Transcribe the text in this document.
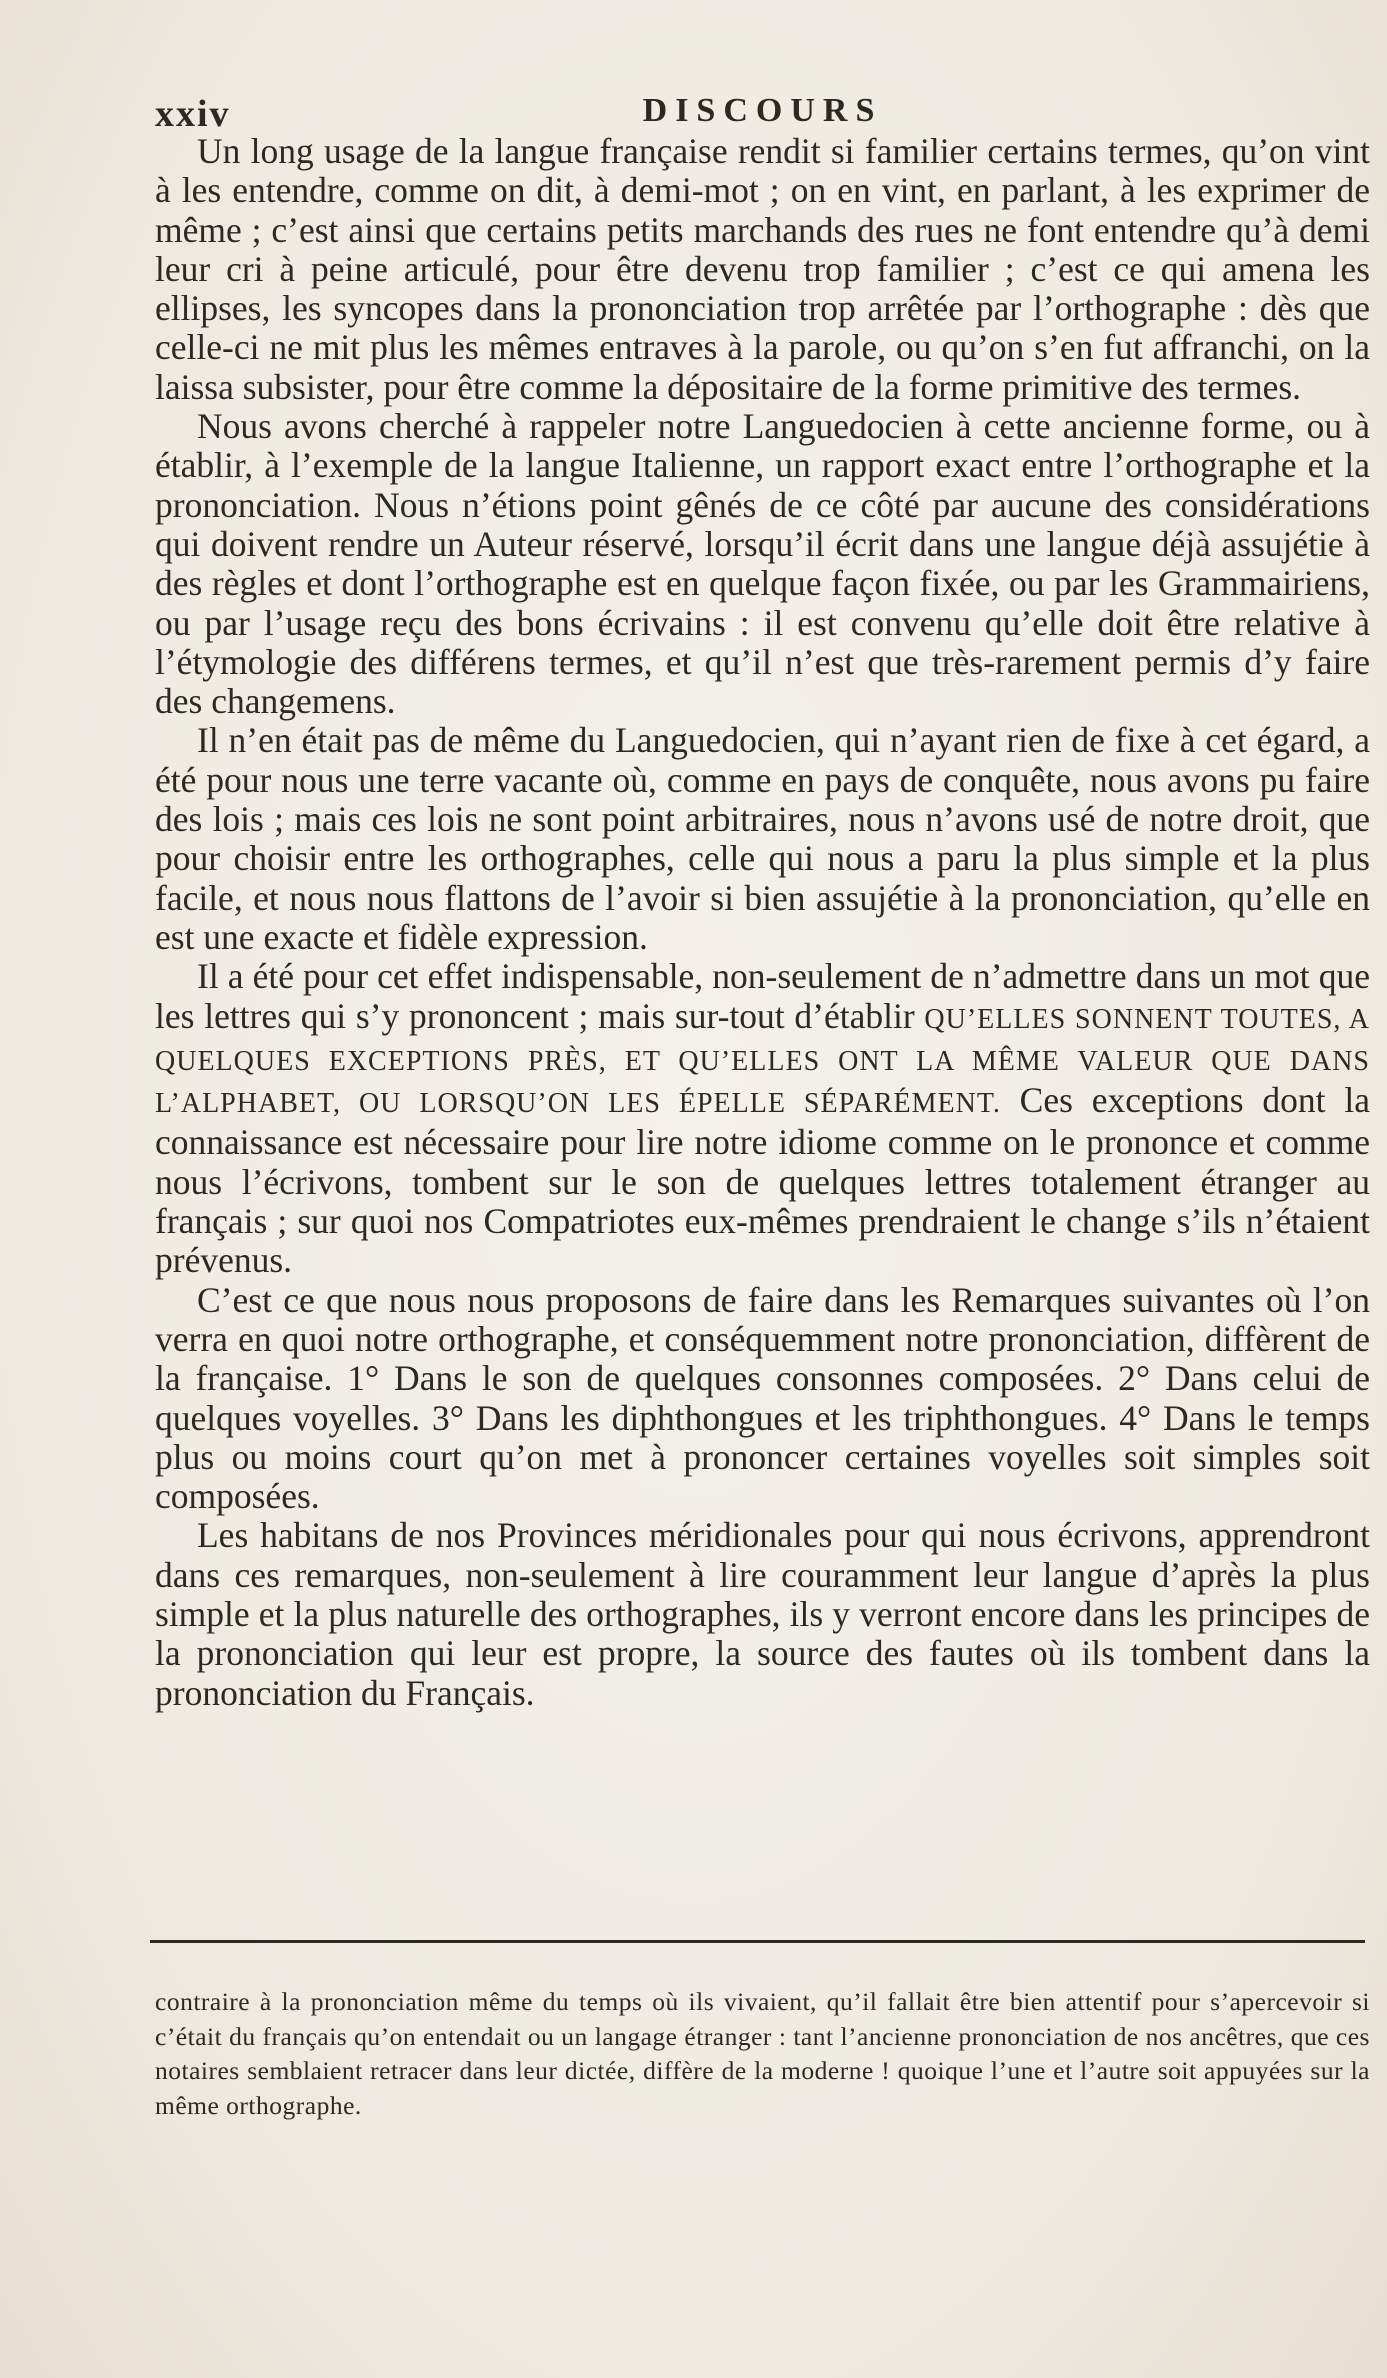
xxiv	DISCOURS

Un long usage de la langue française rendit si familier certains termes, qu’on vint à les entendre, comme on dit, à demi-mot ; on en vint, en parlant, à les exprimer de même ; c’est ainsi que certains petits marchands des rues ne font entendre qu’à demi leur cri à peine articulé, pour être devenu trop familier ; c’est ce qui amena les ellipses, les syncopes dans la prononciation trop arrêtée par l’orthographe : dès que celle-ci ne mit plus les mêmes entraves à la parole, ou qu’on s’en fut affranchi, on la laissa subsister, pour être comme la dépositaire de la forme primitive des termes.

Nous avons cherché à rappeler notre Languedocien à cette ancienne forme, ou à établir, à l’exemple de la langue Italienne, un rapport exact entre l’orthographe et la prononciation. Nous n’étions point gênés de ce côté par aucune des considérations qui doivent rendre un Auteur réservé, lorsqu’il écrit dans une langue déjà assujétie à des règles et dont l’orthographe est en quelque façon fixée, ou par les Grammairiens, ou par l’usage reçu des bons écrivains : il est convenu qu’elle doit être relative à l’étymologie des différens termes, et qu’il n’est que très-rarement permis d’y faire des changemens.

Il n’en était pas de même du Languedocien, qui n’ayant rien de fixe à cet égard, a été pour nous une terre vacante où, comme en pays de conquête, nous avons pu faire des lois ; mais ces lois ne sont point arbitraires, nous n’avons usé de notre droit, que pour choisir entre les orthographes, celle qui nous a paru la plus simple et la plus facile, et nous nous flattons de l’avoir si bien assujétie à la prononciation, qu’elle en est une exacte et fidèle expression.

Il a été pour cet effet indispensable, non-seulement de n’admettre dans un mot que les lettres qui s’y prononcent ; mais sur-tout d’établir QU’ELLES SONNENT TOUTES, A QUELQUES EXCEPTIONS PRÈS, ET QU’ELLES ONT LA MÊME VALEUR QUE DANS L’ALPHABET, OU LORSQU’ON LES ÉPELLE SÉPARÉMENT. Ces exceptions dont la connaissance est nécessaire pour lire notre idiome comme on le prononce et comme nous l’écrivons, tombent sur le son de quelques lettres totalement étranger au français ; sur quoi nos Compatriotes eux-mêmes prendraient le change s’ils n’étaient prévenus.

C’est ce que nous nous proposons de faire dans les Remarques suivantes où l’on verra en quoi notre orthographe, et conséquemment notre prononciation, diffèrent de la française. 1° Dans le son de quelques consonnes composées. 2° Dans celui de quelques voyelles. 3° Dans les diphthongues et les triphthongues. 4° Dans le temps plus ou moins court qu’on met à prononcer certaines voyelles soit simples soit composées.

Les habitans de nos Provinces méridionales pour qui nous écrivons, apprendront dans ces remarques, non-seulement à lire couramment leur langue d’après la plus simple et la plus naturelle des orthographes, ils y verront encore dans les principes de la prononciation qui leur est propre, la source des fautes où ils tombent dans la prononciation du Français.

contraire à la prononciation même du temps où ils vivaient, qu’il fallait être bien attentif pour s’apercevoir si c’était du français qu’on entendait ou un langage étranger : tant l’ancienne prononciation de nos ancêtres, que ces notaires semblaient retracer dans leur dictée, diffère de la moderne ! quoique l’une et l’autre soit appuyées sur la même orthographe.
